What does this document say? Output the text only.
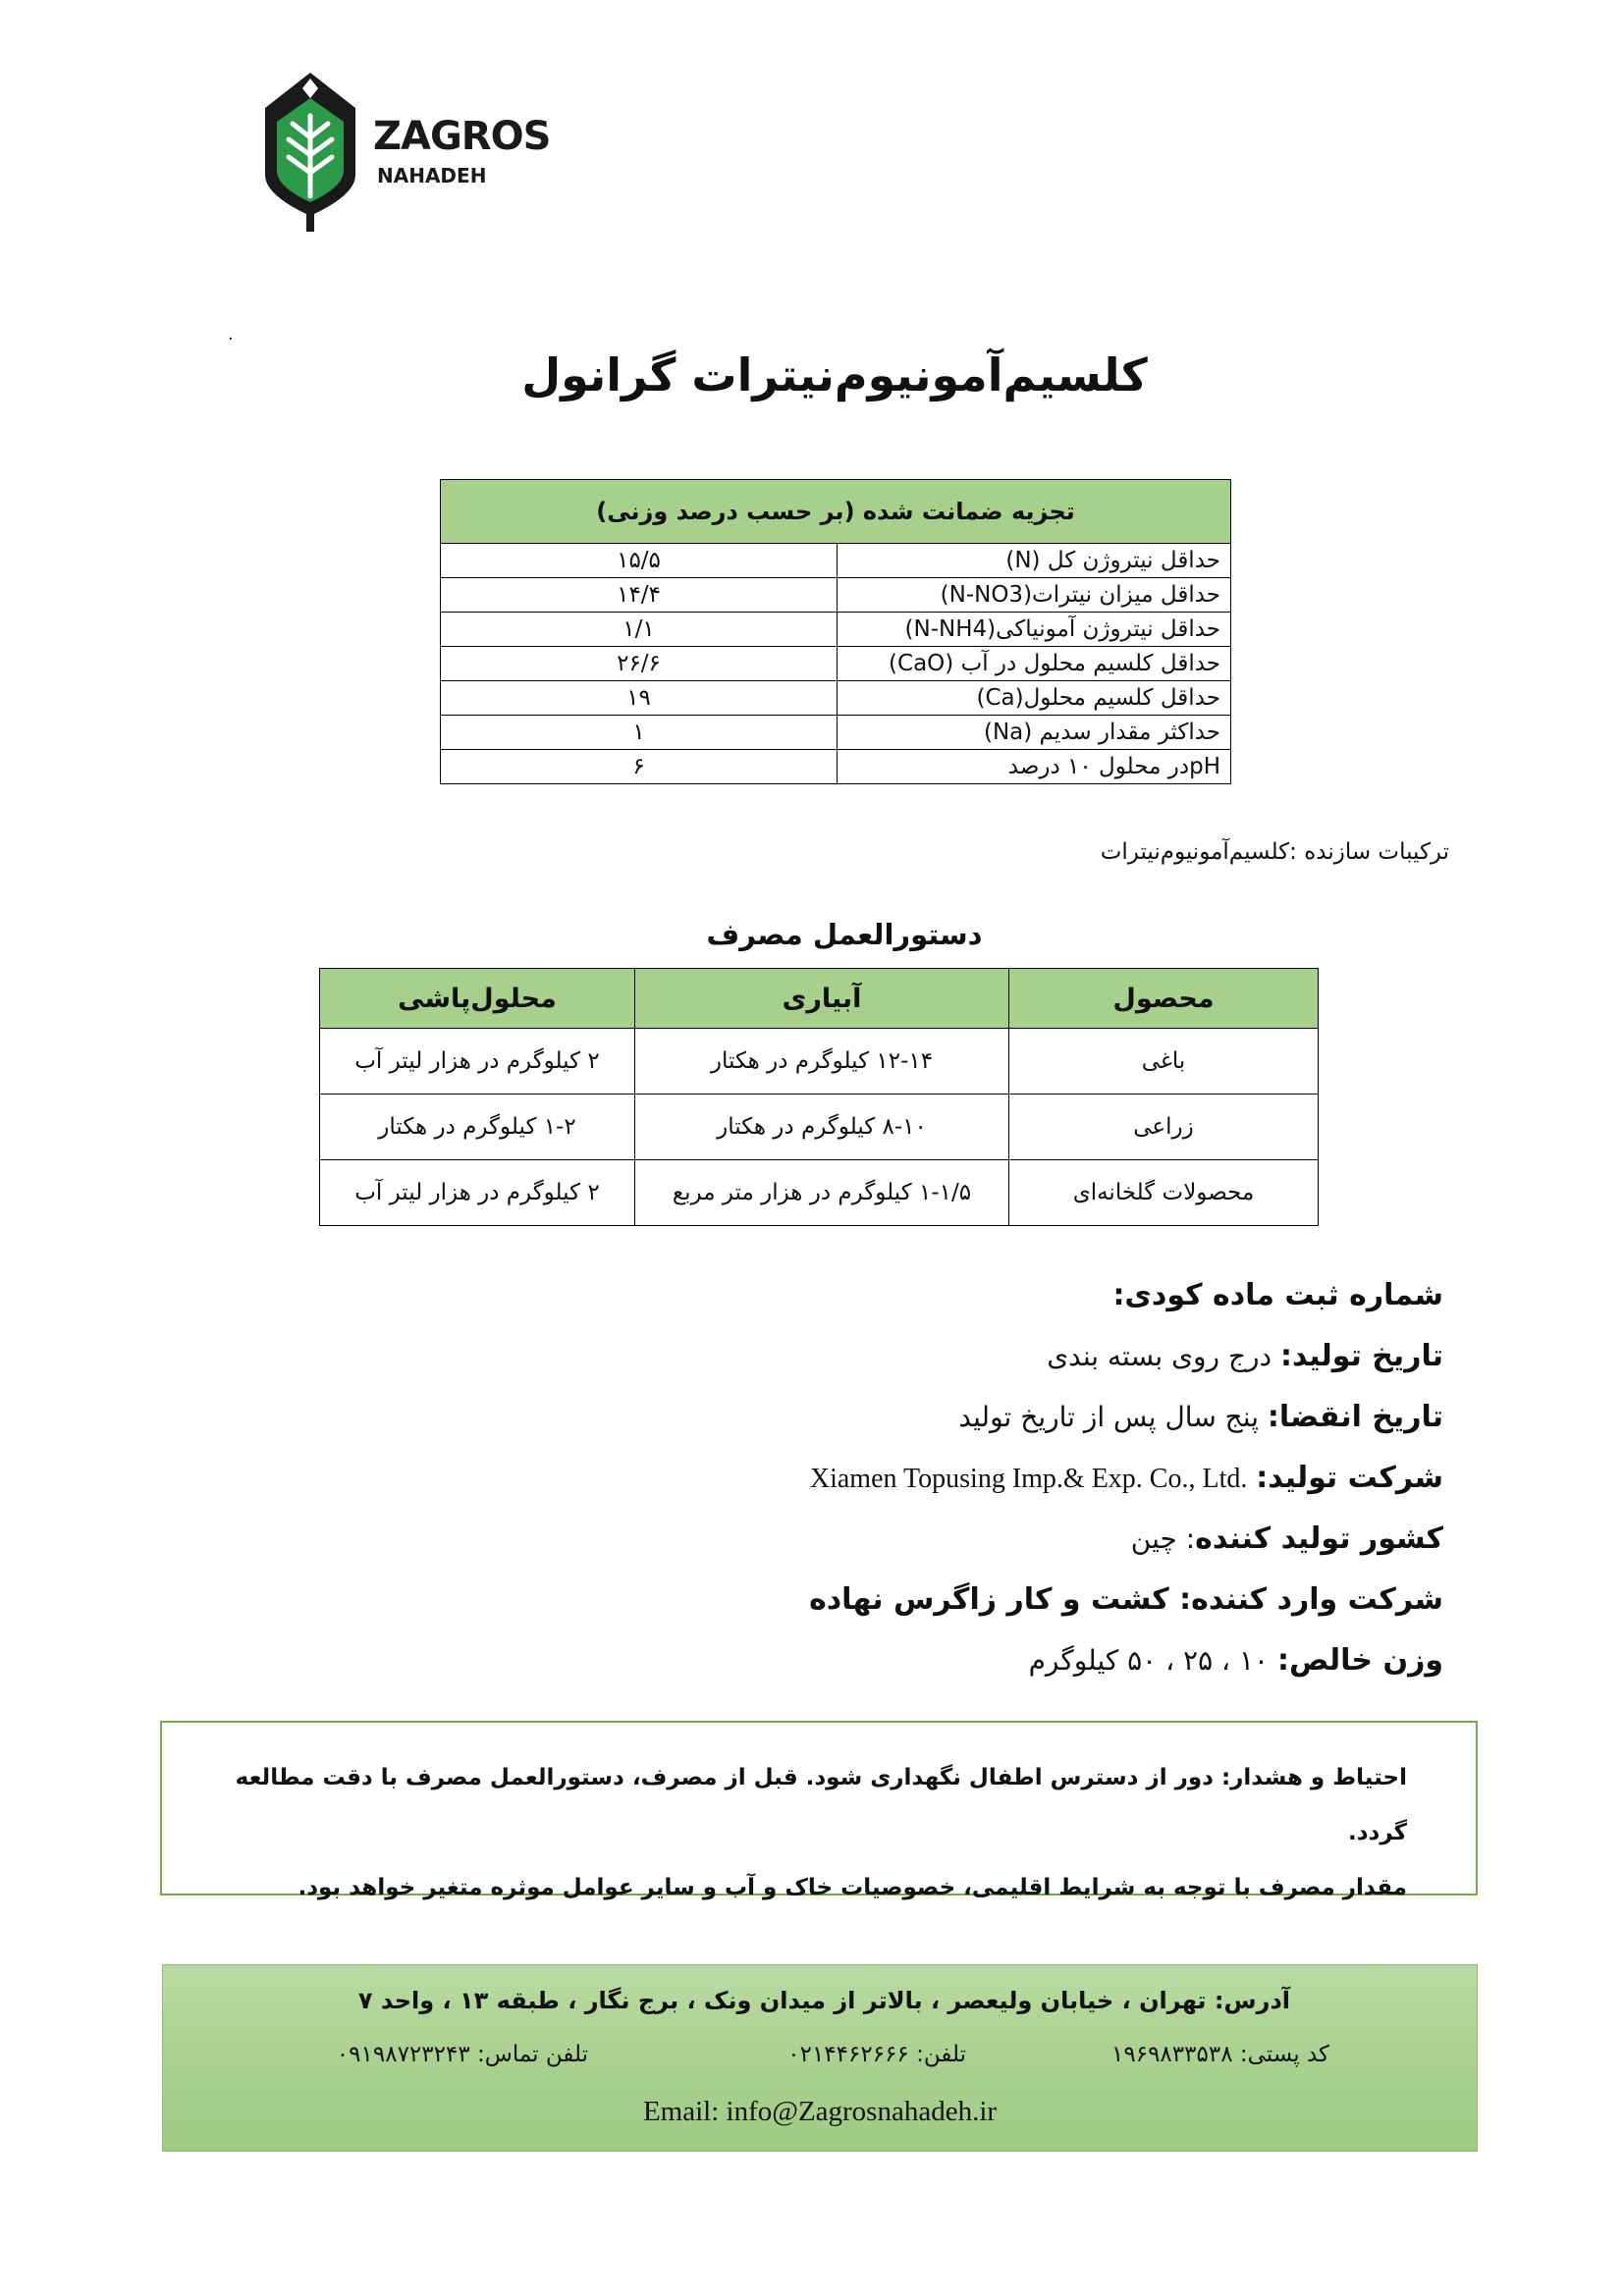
ZAGROS
NAHADEH
.
کلسیم‌آمونیوم‌نیترات گرانول
تجزیه ضمانت شده (بر حسب درصد وزنی)	
حداقل نیتروژن کل (N)	۱۵/۵
حداقل میزان نیترات(N-NO3)	۱۴/۴
حداقل نیتروژن آمونیاکی(N-NH4)	۱/۱
حداقل کلسیم محلول در آب (CaO)	۲۶/۶
حداقل کلسیم محلول(Ca)	۱۹
حداکثر مقدار سدیم (Na)	۱
pHدر محلول ۱۰ درصد	۶
ترکیبات سازنده :کلسیم‌آمونیوم‌نیترات
دستورالعمل مصرف
محصول	آبیاری	محلول‌پاشی
باغی	۱۲-۱۴ کیلوگرم در هکتار	۲ کیلوگرم در هزار لیتر آب
زراعی	۸-۱۰ کیلوگرم در هکتار	۱-۲ کیلوگرم در هکتار
محصولات گلخانه‌ای	۱-۱/۵ کیلوگرم در هزار متر مربع	۲ کیلوگرم در هزار لیتر آب
شماره ثبت ماده کودی:
تاریخ تولید: درج روی بسته بندی
تاریخ انقضا: پنج سال پس از تاریخ تولید
شرکت تولید: Xiamen Topusing Imp.& Exp. Co., Ltd.
کشور تولید کننده: چین
شرکت وارد کننده: کشت و کار زاگرس نهاده
وزن خالص: ۱۰ ، ۲۵ ، ۵۰ کیلوگرم

احتیاط و هشدار: دور از دسترس اطفال نگهداری شود. قبل از مصرف، دستورالعمل مصرف با دقت مطالعه گردد.

مقدار مصرف با توجه به شرایط اقلیمی، خصوصیات خاک و آب و سایر عوامل موثره متغیر خواهد بود.

آدرس: تهران ، خیابان ولیعصر ، بالاتر از میدان ونک ، برج نگار ، طبقه ۱۳ ، واحد ۷
کد پستی: ۱۹۶۹۸۳۳۵۳۸
تلفن: ۰۲۱۴۴۶۲۶۶۶
تلفن تماس: ۰۹۱۹۸۷۲۳۲۴۳
Email: info@Zagrosnahadeh.ir
